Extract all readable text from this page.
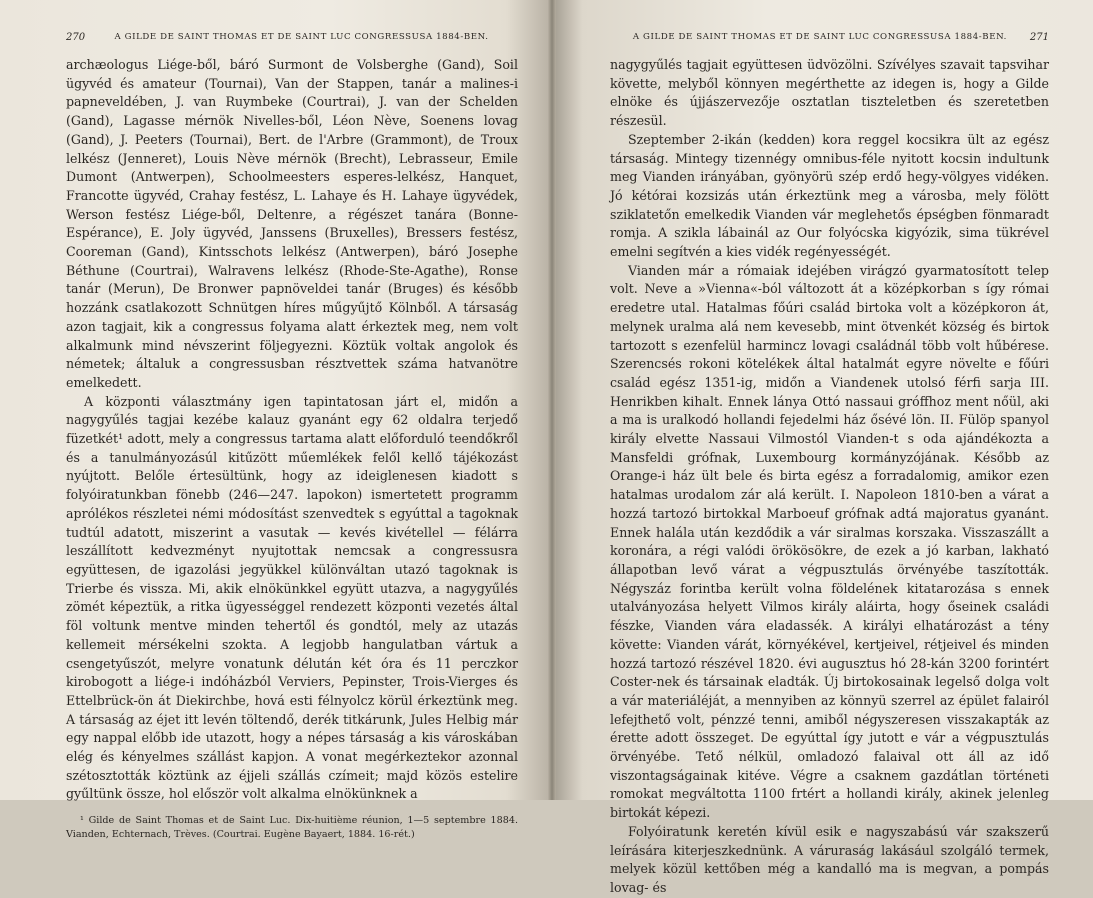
270	A GILDE DE SAINT THOMAS ET DE SAINT LUC CONGRESSUSA 1884-BEN.

archæologus Liége-ből, báró Surmont de Volsberghe (Gand), Soil ügyvéd és amateur (Tournai), Van der Stappen, tanár a malines-i papneveldében, J. van Ruymbeke (Courtrai), J. van der Schelden (Gand), Lagasse mérnök Nivelles-ből, Léon Nève, Soenens lovag (Gand), J. Peeters (Tournai), Bert. de l'Arbre (Grammont), de Troux lelkész (Jenneret), Louis Nève mérnök (Brecht), Lebrasseur, Emile Dumont (Antwerpen), Schoolmeesters esperes-lelkész, Hanquet, Francotte ügyvéd, Crahay festész, L. Lahaye és H. Lahaye ügyvédek, Werson festész Liége-ből, Deltenre, a régészet tanára (Bonne-Espérance), E. Joly ügyvéd, Janssens (Bruxelles), Bressers festész, Cooreman (Gand), Kintsschots lelkész (Antwerpen), báró Josephe Béthune (Courtrai), Walravens lelkész (Rhode-Ste-Agathe), Ronse tanár (Merun), De Bronwer papnöveldei tanár (Bruges) és később hozzánk csatlakozott Schnütgen híres műgyűjtő Kölnből. A társaság azon tagjait, kik a congressus folyama alatt érkeztek meg, nem volt alkalmunk mind névszerint följegyezni. Köztük voltak angolok és németek; általuk a congressusban résztvettek száma hatvanötre emelkedett.

A központi választmány igen tapintatosan járt el, midőn a nagygyűlés tagjai kezébe kalauz gyanánt egy 62 oldalra terjedő füzetkét¹ adott, mely a congressus tartama alatt előforduló teendőkről és a tanulmányozásúl kitűzött műemlékek felől kellő tájékozást nyújtott. Belőle értesültünk, hogy az ideiglenesen kiadott s folyóiratunkban fönebb (246—247. lapokon) ismertetett programm aprólékos részletei némi módosítást szenvedtek s egyúttal a tagoknak tudtúl adatott, miszerint a vasutak — kevés kivétellel — félárra leszállított kedvezményt nyujtottak nemcsak a congressusra együttesen, de igazolási jegyükkel különváltan utazó tagoknak is Trierbe és vissza. Mi, akik elnökünkkel együtt utazva, a nagygyűlés zömét képeztük, a ritka ügyességgel rendezett központi vezetés által föl voltunk mentve minden tehertől és gondtól, mely az utazás kellemeit mérsékelni szokta. A legjobb hangulatban vártuk a csengetyűszót, melyre vonatunk délután két óra és 11 perczkor kirobogott a liége-i indóházból Verviers, Pepinster, Trois-Vierges és Ettelbrück-ön át Diekirchbe, hová esti félnyolcz körül érkeztünk meg. A társaság az éjet itt levén töltendő, derék titkárunk, Jules Helbig már egy nappal előbb ide utazott, hogy a népes társaság a kis városkában elég és kényelmes szállást kapjon. A vonat megérkeztekor azonnal szétosztották köztünk az éjjeli szállás czímeit; majd közös estelire gyűltünk össze, hol először volt alkalma elnökünknek a

¹ Gilde de Saint Thomas et de Saint Luc. Dix-huitième réunion, 1—5 septembre 1884. Vianden, Echternach, Trèves. (Courtrai. Eugène Bayaert, 1884. 16-rét.)
A GILDE DE SAINT THOMAS ET DE SAINT LUC CONGRESSUSA 1884-BEN.	271

nagygyűlés tagjait együttesen üdvözölni. Szívélyes szavait tapsvihar követte, melyből könnyen megérthette az idegen is, hogy a Gilde elnöke és újjászervezője osztatlan tiszteletben és szeretetben részesül.

Szeptember 2-ikán (kedden) kora reggel kocsikra ült az egész társaság. Mintegy tizennégy omnibus-féle nyitott kocsin indultunk meg Vianden irányában, gyönyörü szép erdő hegy-völgyes vidéken. Jó kétórai kozsizás után érkeztünk meg a városba, mely fölött sziklatetőn emelkedik Vianden vár meglehetős épségben fönmaradt romja. A szikla lábainál az Our folyócska kigyózik, sima tükrével emelni segítvén a kies vidék regényességét.

Vianden már a rómaiak idejében virágzó gyarmatosított telep volt. Neve a »Vienna«-ból változott át a középkorban s így római eredetre utal. Hatalmas főúri család birtoka volt a középkoron át, melynek uralma alá nem kevesebb, mint ötvenkét község és birtok tartozott s ezenfelül harmincz lovagi családnál több volt hűbérese. Szerencsés rokoni kötelékek által hatalmát egyre növelte e főúri család egész 1351-ig, midőn a Viandenek utolsó férfi sarja III. Henrikben kihalt. Ennek lánya Ottó nassaui gróffhoz ment nőül, aki a ma is uralkodó hollandi fejedelmi ház ősévé lön. II. Fülöp spanyol király elvette Nassaui Vilmostól Vianden-t s oda ajándékozta a Mansfeldi grófnak, Luxembourg kormányzójának. Később az Orange-i ház ült bele és birta egész a forradalomig, amikor ezen hatalmas urodalom zár alá került. I. Napoleon 1810-ben a várat a hozzá tartozó birtokkal Marboeuf grófnak adtá majoratus gyanánt. Ennek halála után kezdődik a vár siralmas korszaka. Visszaszállt a koronára, a régi valódi örökösökre, de ezek a jó karban, lakható állapotban levő várat a végpusztulás örvényébe taszították. Négyszáz forintba került volna földelének kitatarozása s ennek utalványozása helyett Vilmos király aláirta, hogy őseinek családi fészke, Vianden vára eladassék. A királyi elhatározást a tény követte: Vianden várát, környékével, kertjeivel, rétjeivel és minden hozzá tartozó részével 1820. évi augusztus hó 28-kán 3200 forintért Coster-nek és társainak eladták. Új birtokosainak legelső dolga volt a vár materiáléját, a mennyiben az könnyü szerrel az épület falairól lefejthető volt, pénzzé tenni, amiből négyszeresen visszakapták az érette adott összeget. De egyúttal így jutott e vár a végpusztulás örvényébe. Tető nélkül, omladozó falaival ott áll az idő viszontagságainak kitéve. Végre a csaknem gazdátlan történeti romokat megváltotta 1100 frtért a hollandi király, akinek jelenleg birtokát képezi.

Folyóiratunk keretén kívül esik e nagyszabású vár szakszerű leírására kiterjeszkednünk. A váruraság lakásául szolgáló termek, melyek közül kettőben még a kandalló ma is megvan, a pompás lovag- és
